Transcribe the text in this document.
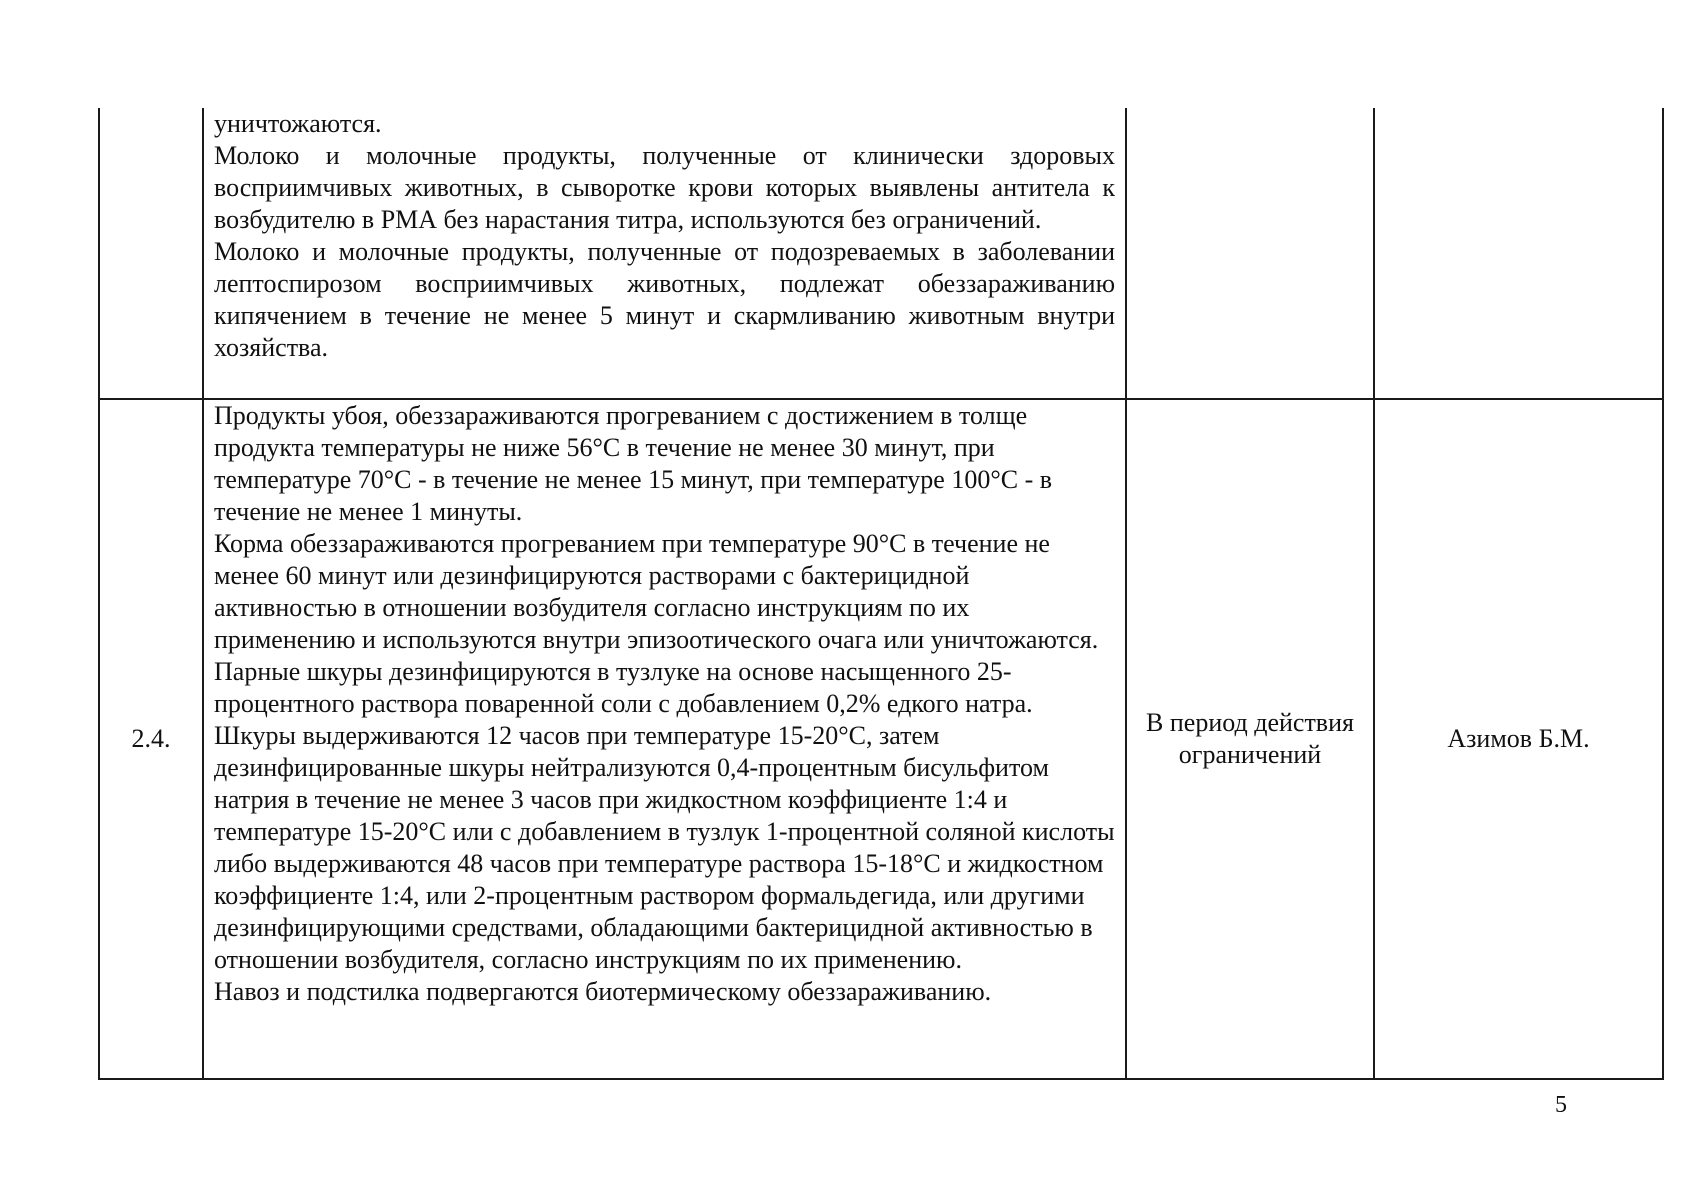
	уничтожаются.

Молоко и молочные продукты, полученные от клинически здоровых восприимчивых животных, в сыворотке крови которых выявлены антитела к возбудителю в РМА без нарастания титра, используются без ограничений.

Молоко и молочные продукты, полученные от подозреваемых в заболевании лептоспирозом восприимчивых животных, подлежат обеззараживанию кипячением в течение не менее 5 минут и скармливанию животным внутри хозяйства.		

2.4.	Продукты убоя, обеззараживаются прогреванием с достижением в толще продукта температуры не ниже 56°С в течение не менее 30 минут, при температуре 70°С - в течение не менее 15 минут, при температуре 100°С - в течение не менее 1 минуты.

Корма обеззараживаются прогреванием при температуре 90°С в течение не менее 60 минут или дезинфицируются растворами с бактерицидной активностью в отношении возбудителя согласно инструкциям по их применению и используются внутри эпизоотического очага или уничтожаются.

Парные шкуры дезинфицируются в тузлуке на основе насыщенного 25-процентного раствора поваренной соли с добавлением 0,2% едкого натра. Шкуры выдерживаются 12 часов при температуре 15-20°С, затем дезинфицированные шкуры нейтрализуются 0,4-процентным бисульфитом натрия в течение не менее 3 часов при жидкостном коэффициенте 1:4 и температуре 15-20°С или с добавлением в тузлук 1-процентной соляной кислоты либо выдерживаются 48 часов при температуре раствора 15-18°С и жидкостном коэффициенте 1:4, или 2-процентным раствором формальдегида, или другими дезинфицирующими средствами, обладающими бактерицидной активностью в отношении возбудителя, согласно инструкциям по их применению.

Навоз и подстилка подвергаются биотермическому обеззараживанию.	В период действия ограничений	Азимов Б.М.
5
